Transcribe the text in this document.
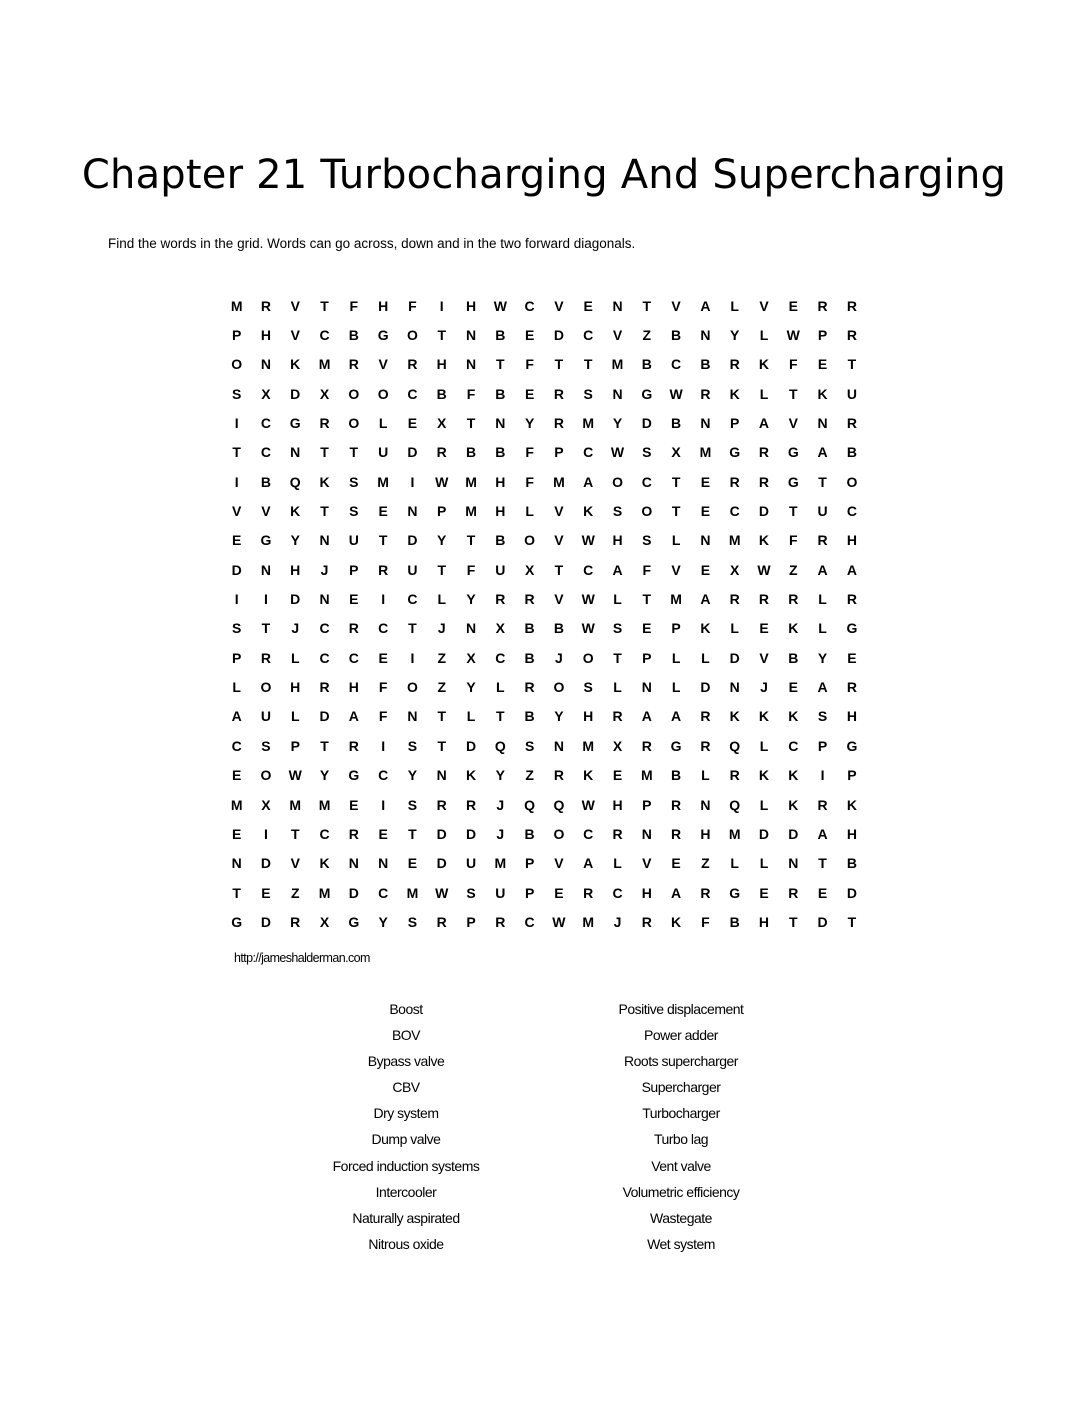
Chapter 21 Turbocharging And Supercharging

Find the words in the grid. Words can go across, down and in the two forward diagonals.

M	R	V	T	F	H	F	I	H	W	C	V	E	N	T	V	A	L	V	E	R	R
P	H	V	C	B	G	O	T	N	B	E	D	C	V	Z	B	N	Y	L	W	P	R
O	N	K	M	R	V	R	H	N	T	F	T	T	M	B	C	B	R	K	F	E	T
S	X	D	X	O	O	C	B	F	B	E	R	S	N	G	W	R	K	L	T	K	U
I	C	G	R	O	L	E	X	T	N	Y	R	M	Y	D	B	N	P	A	V	N	R
T	C	N	T	T	U	D	R	B	B	F	P	C	W	S	X	M	G	R	G	A	B
I	B	Q	K	S	M	I	W	M	H	F	M	A	O	C	T	E	R	R	G	T	O
V	V	K	T	S	E	N	P	M	H	L	V	K	S	O	T	E	C	D	T	U	C
E	G	Y	N	U	T	D	Y	T	B	O	V	W	H	S	L	N	M	K	F	R	H
D	N	H	J	P	R	U	T	F	U	X	T	C	A	F	V	E	X	W	Z	A	A
I	I	D	N	E	I	C	L	Y	R	R	V	W	L	T	M	A	R	R	R	L	R
S	T	J	C	R	C	T	J	N	X	B	B	W	S	E	P	K	L	E	K	L	G
P	R	L	C	C	E	I	Z	X	C	B	J	O	T	P	L	L	D	V	B	Y	E
L	O	H	R	H	F	O	Z	Y	L	R	O	S	L	N	L	D	N	J	E	A	R
A	U	L	D	A	F	N	T	L	T	B	Y	H	R	A	A	R	K	K	K	S	H
C	S	P	T	R	I	S	T	D	Q	S	N	M	X	R	G	R	Q	L	C	P	G
E	O	W	Y	G	C	Y	N	K	Y	Z	R	K	E	M	B	L	R	K	K	I	P
M	X	M	M	E	I	S	R	R	J	Q	Q	W	H	P	R	N	Q	L	K	R	K
E	I	T	C	R	E	T	D	D	J	B	O	C	R	N	R	H	M	D	D	A	H
N	D	V	K	N	N	E	D	U	M	P	V	A	L	V	E	Z	L	L	N	T	B
T	E	Z	M	D	C	M	W	S	U	P	E	R	C	H	A	R	G	E	R	E	D
G	D	R	X	G	Y	S	R	P	R	C	W	M	J	R	K	F	B	H	T	D	T

http://jameshalderman.com

Boost
BOV
Bypass valve
CBV
Dry system
Dump valve
Forced induction systems
Intercooler
Naturally aspirated
Nitrous oxide
Positive displacement
Power adder
Roots supercharger
Supercharger
Turbocharger
Turbo lag
Vent valve
Volumetric efficiency
Wastegate
Wet system
